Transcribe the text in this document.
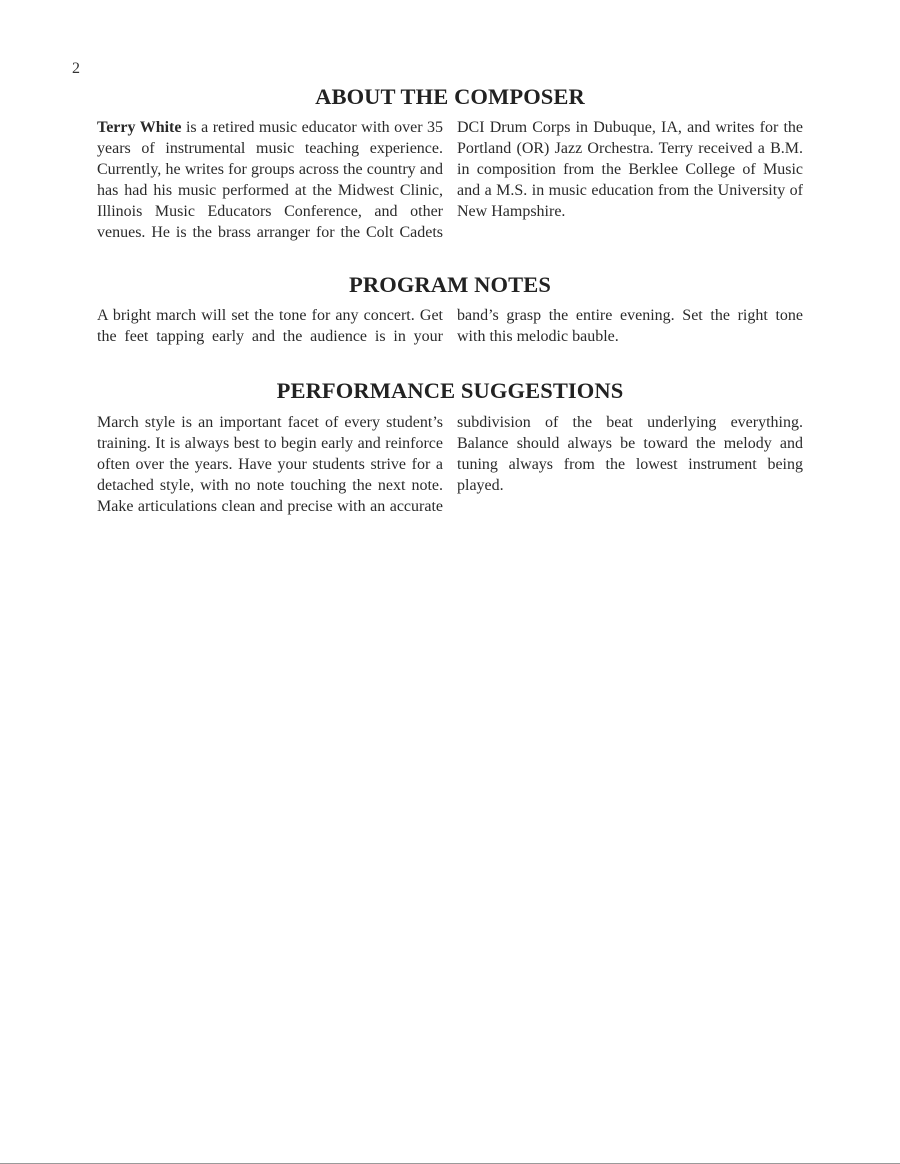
2
ABOUT THE COMPOSER

Terry White is a retired music educator with over 35 years of instrumental music teaching experience. Currently, he writes for groups across the country and has had his music performed at the Midwest Clinic, Illinois Music Educators Conference, and other venues. He is the brass arranger for the Colt Cadets DCI Drum Corps in Dubuque, IA, and writes for the Portland (OR) Jazz Orchestra. Terry received a B.M. in composition from the Berklee College of Music and a M.S. in music education from the University of New Hampshire.

PROGRAM NOTES

A bright march will set the tone for any concert. Get the feet tapping early and the audience is in your band’s grasp the entire evening. Set the right tone with this melodic bauble.

PERFORMANCE SUGGESTIONS

March style is an important facet of every student’s training. It is always best to begin early and reinforce often over the years. Have your students strive for a detached style, with no note touching the next note. Make articulations clean and precise with an accurate subdivision of the beat underlying everything. Balance should always be toward the melody and tuning always from the lowest instrument being played.
